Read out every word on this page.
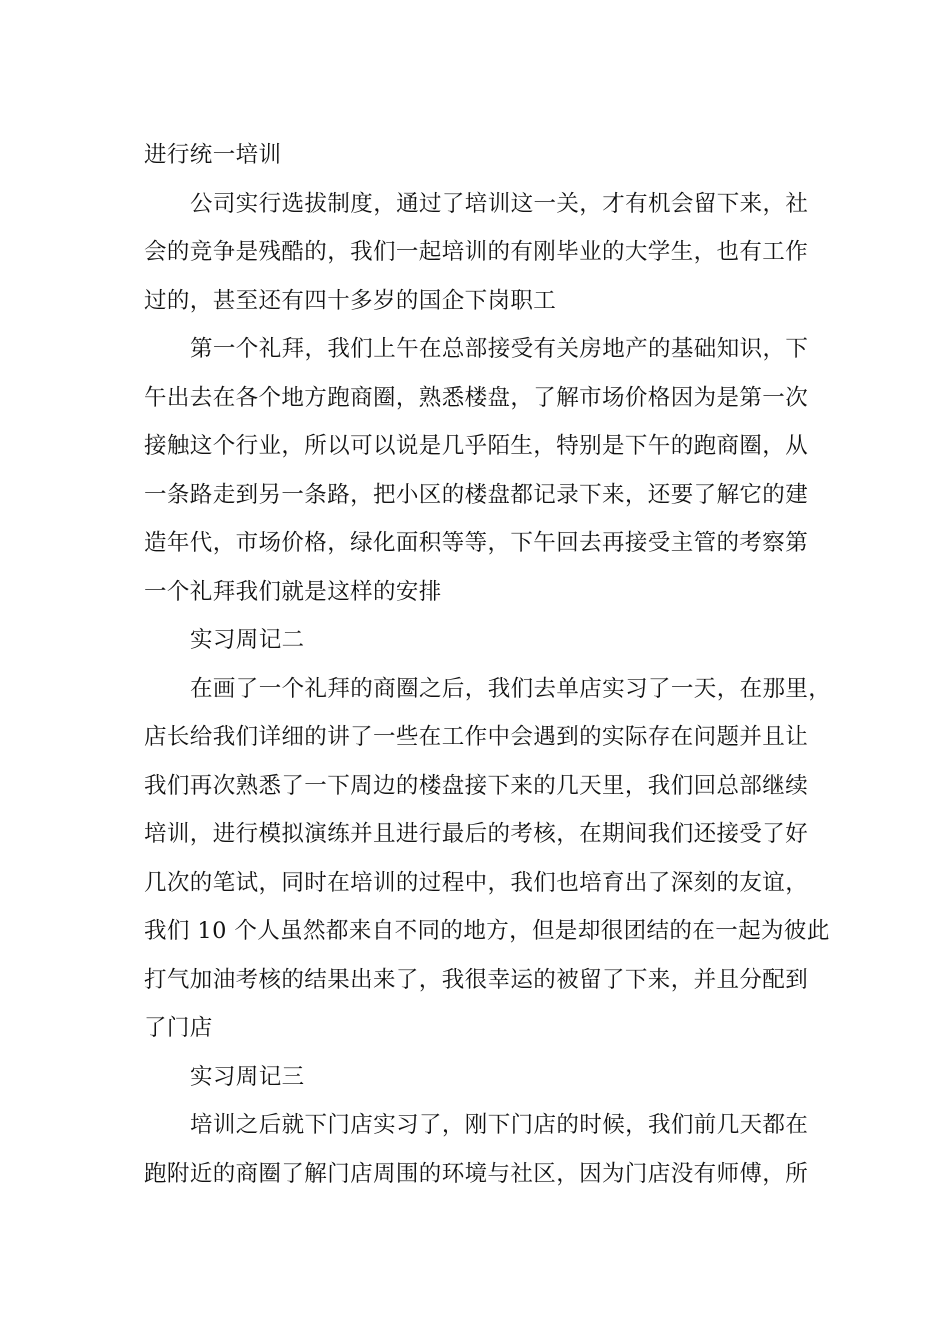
进行统一培训

公司实行选拔制度，通过了培训这一关，才有机会留下来，社
会的竞争是残酷的，我们一起培训的有刚毕业的大学生，也有工作
过的，甚至还有四十多岁的国企下岗职工

第一个礼拜，我们上午在总部接受有关房地产的基础知识，下
午出去在各个地方跑商圈，熟悉楼盘，了解市场价格因为是第一次
接触这个行业，所以可以说是几乎陌生，特别是下午的跑商圈，从
一条路走到另一条路，把小区的楼盘都记录下来，还要了解它的建
造年代，市场价格，绿化面积等等，下午回去再接受主管的考察第
一个礼拜我们就是这样的安排

实习周记二

在画了一个礼拜的商圈之后，我们去单店实习了一天，在那里，
店长给我们详细的讲了一些在工作中会遇到的实际存在问题并且让
我们再次熟悉了一下周边的楼盘接下来的几天里，我们回总部继续
培训，进行模拟演练并且进行最后的考核，在期间我们还接受了好
几次的笔试，同时在培训的过程中，我们也培育出了深刻的友谊，
我们 10 个人虽然都来自不同的地方，但是却很团结的在一起为彼此
打气加油考核的结果出来了，我很幸运的被留了下来，并且分配到
了门店

实习周记三

培训之后就下门店实习了，刚下门店的时候，我们前几天都在
跑附近的商圈了解门店周围的环境与社区，因为门店没有师傅，所
